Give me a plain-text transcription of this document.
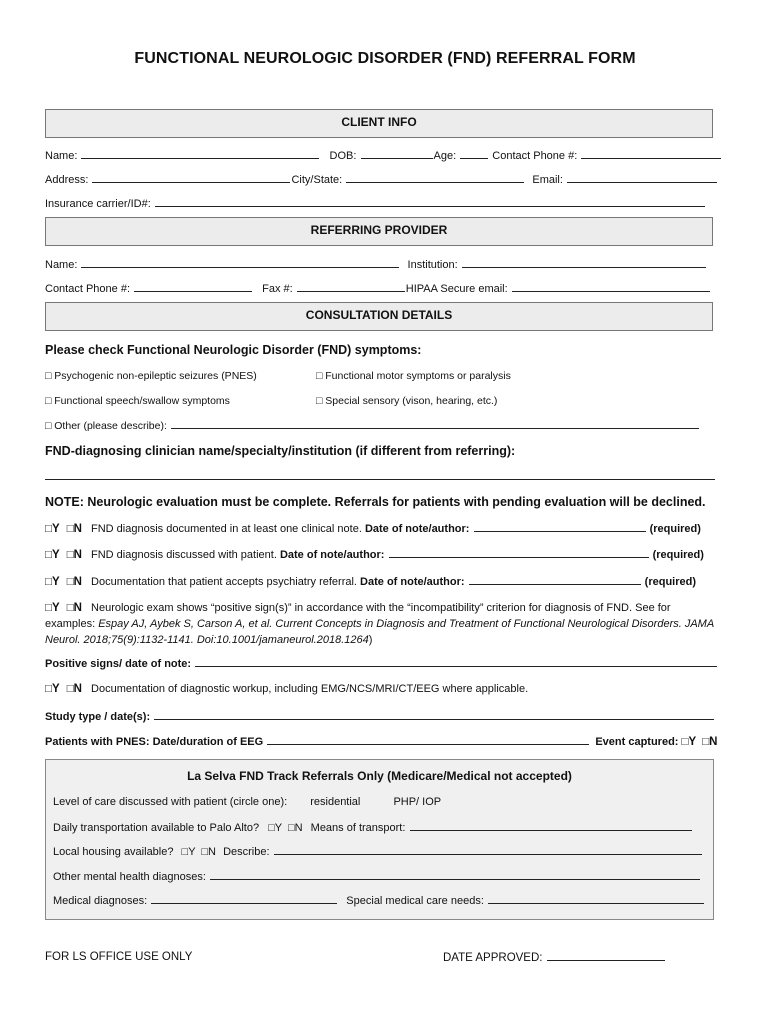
FUNCTIONAL NEUROLOGIC DISORDER (FND) REFERRAL FORM
CLIENT INFO
Name:	DOB:	Age:	Contact Phone #:
Address:	City/State:	Email:
Insurance carrier/ID#:
REFERRING PROVIDER
Name:	Institution:
Contact Phone #:	Fax #:	HIPAA Secure email:
CONSULTATION DETAILS
Please check Functional Neurologic Disorder (FND) symptoms:
□ Psychogenic non-epileptic seizures (PNES)	□ Functional motor symptoms or paralysis
□ Functional speech/swallow symptoms	□ Special sensory (vison, hearing, etc.)
□ Other (please describe):
FND-diagnosing clinician name/specialty/institution (if different from referring):
NOTE: Neurologic evaluation must be complete. Referrals for patients with pending evaluation will be declined.
□Y □N FND diagnosis documented in at least one clinical note. Date of note/author:	(required)
□Y □N FND diagnosis discussed with patient. Date of note/author:	(required)
□Y □N Documentation that patient accepts psychiatry referral. Date of note/author:	(required)
□Y □N Neurologic exam shows “positive sign(s)” in accordance with the “incompatibility” criterion for diagnosis of FND. See for examples: Espay AJ, Aybek S, Carson A, et al. Current Concepts in Diagnosis and Treatment of Functional Neurological Disorders. JAMA Neurol. 2018;75(9):1132-1141. Doi:10.1001/jamaneurol.2018.1264)
Positive signs/ date of note:
□Y □N Documentation of diagnostic workup, including EMG/NCS/MRI/CT/EEG where applicable.
Study type / date(s):
Patients with PNES: Date/duration of EEG	Event captured: □Y □N
La Selva FND Track Referrals Only (Medicare/Medical not accepted)
Level of care discussed with patient (circle one): residential	PHP/ IOP
Daily transportation available to Palo Alto? □Y □N Means of transport:
Local housing available? □Y □N Describe:
Other mental health diagnoses:
Medical diagnoses:	Special medical care needs:
FOR LS OFFICE USE ONLY	DATE APPROVED:
